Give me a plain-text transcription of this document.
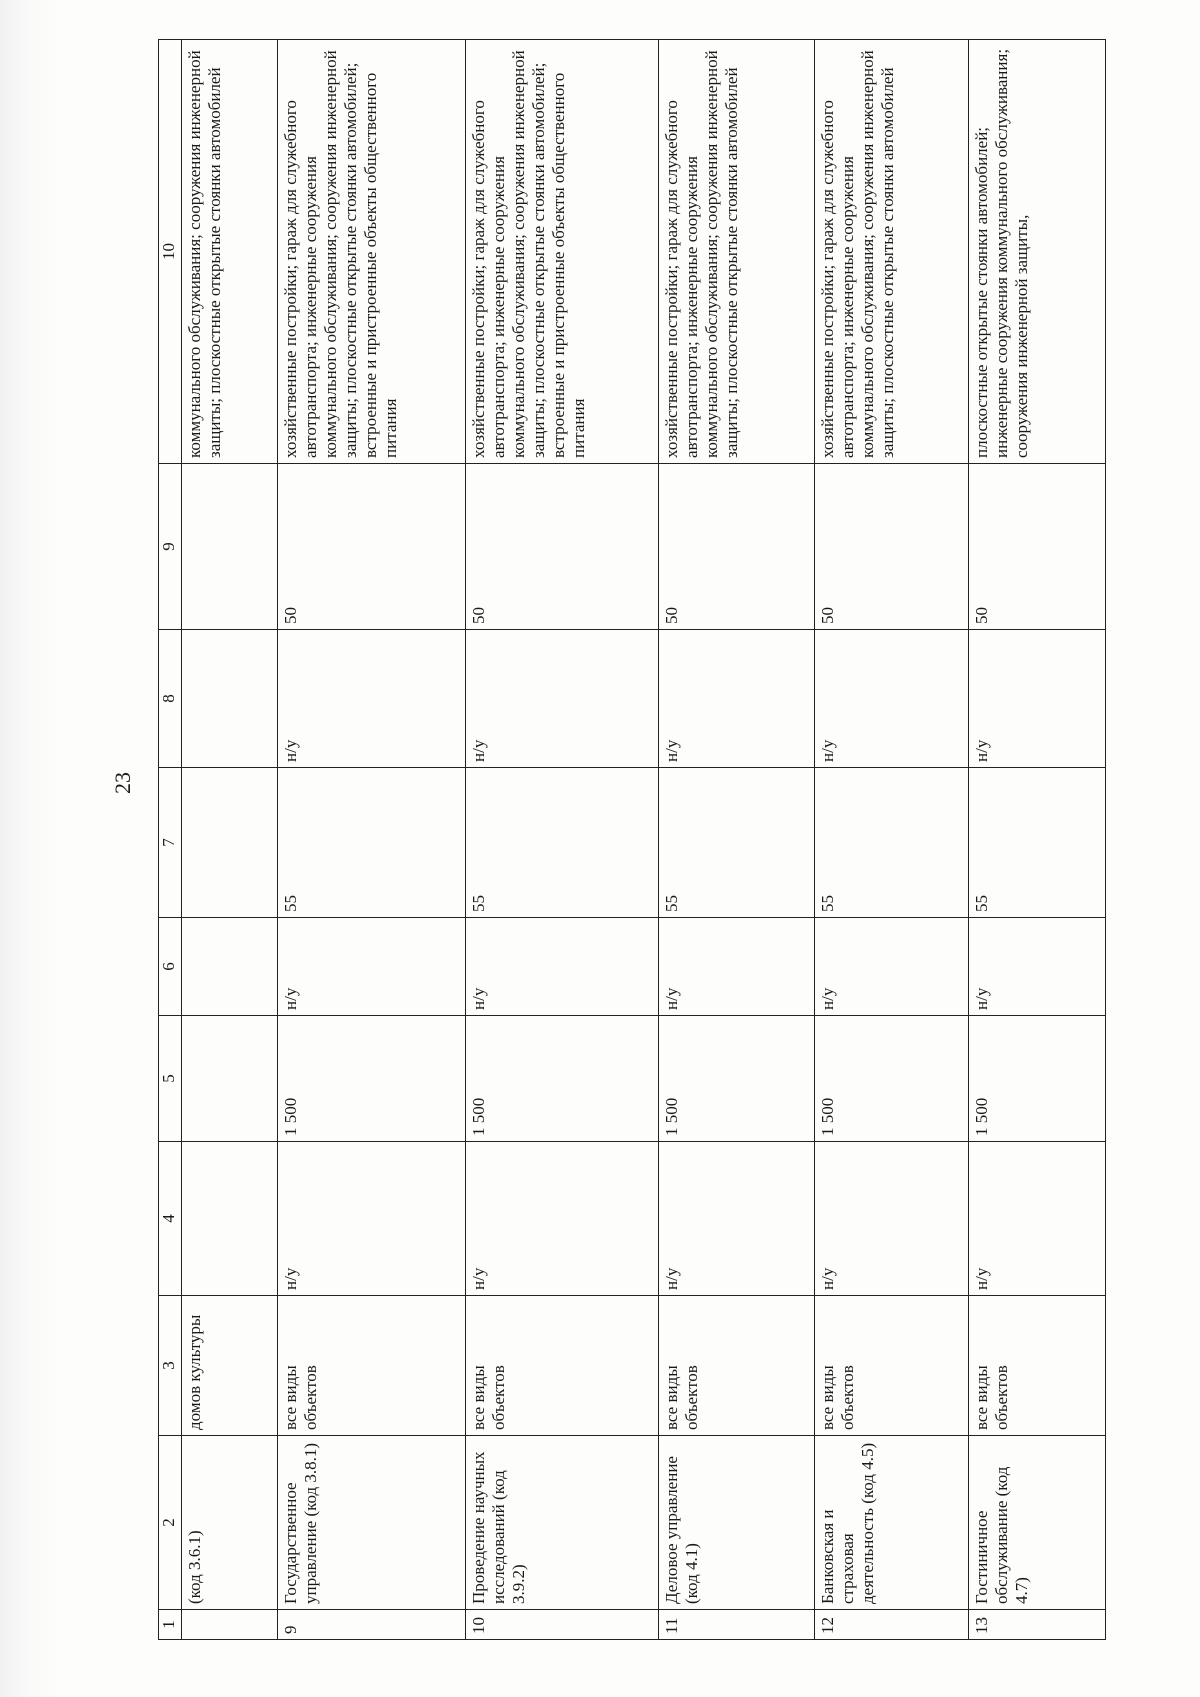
23
1	2	3	4	5	6	7	8	9	10
	(код 3.6.1)	домов культуры							коммунального обслуживания; сооружения инженерной защиты; плоскостные открытые стоянки автомобилей
9	Государственное управление (код 3.8.1)	все виды объектов	н/у	1 500	н/у	55	н/у	50	хозяйственные постройки; гараж для служебного автотранспорта; инженерные сооружения коммунального обслуживания; сооружения инженерной защиты; плоскостные открытые стоянки автомобилей; встроенные и пристроенные объекты общественного питания
10	Проведение научных исследований (код 3.9.2)	все виды объектов	н/у	1 500	н/у	55	н/у	50	хозяйственные постройки; гараж для служебного автотранспорта; инженерные сооружения коммунального обслуживания; сооружения инженерной защиты; плоскостные открытые стоянки автомобилей; встроенные и пристроенные объекты общественного питания
11	Деловое управление (код 4.1)	все виды объектов	н/у	1 500	н/у	55	н/у	50	хозяйственные постройки; гараж для служебного автотранспорта; инженерные сооружения коммунального обслуживания; сооружения инженерной защиты; плоскостные открытые стоянки автомобилей
12	Банковская и страховая деятельность (код 4.5)	все виды объектов	н/у	1 500	н/у	55	н/у	50	хозяйственные постройки; гараж для служебного автотранспорта; инженерные сооружения коммунального обслуживания; сооружения инженерной защиты; плоскостные открытые стоянки автомобилей
13	Гостиничное обслуживание (код 4.7)	все виды объектов	н/у	1 500	н/у	55	н/у	50	плоскостные открытые стоянки автомобилей; инженерные сооружения коммунального обслуживания; сооружения инженерной защиты,
